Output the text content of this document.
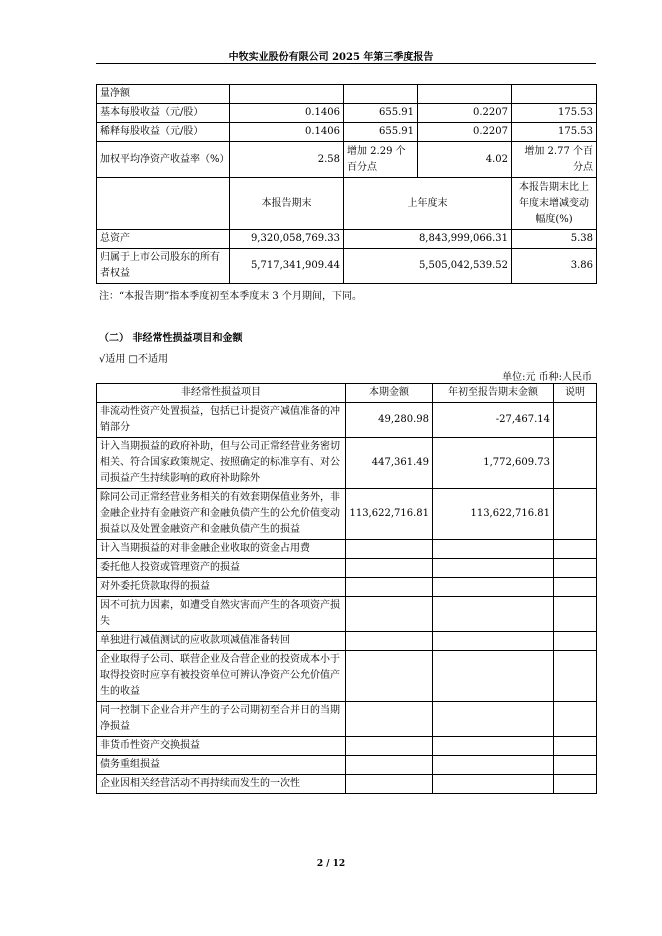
中牧实业股份有限公司 2025 年第三季度报告
量净额				
基本每股收益（元/股）	0.1406	655.91	0.2207	175.53
稀释每股收益（元/股）	0.1406	655.91	0.2207	175.53
加权平均净资产收益率（%）	2.58	增加 2.29 个百分点	4.02	增加 2.77 个百分点
	本报告期末	上年度末		本报告期末比上年度末增减变动幅度(%)
总资产	9,320,058,769.33	8,843,999,066.31		5.38
归属于上市公司股东的所有者权益	5,717,341,909.44	5,505,042,539.52		3.86
注：“本报告期”指本季度初至本季度末 3 个月期间，下同。
（二） 非经常性损益项目和金额
√适用 □不适用
单位:元 币种:人民币
非经常性损益项目	本期金额	年初至报告期末金额	说明
非流动性资产处置损益，包括已计提资产减值准备的冲销部分	49,280.98	-27,467.14	
计入当期损益的政府补助，但与公司正常经营业务密切相关、符合国家政策规定、按照确定的标准享有、对公司损益产生持续影响的政府补助除外	447,361.49	1,772,609.73	
除同公司正常经营业务相关的有效套期保值业务外，非金融企业持有金融资产和金融负债产生的公允价值变动损益以及处置金融资产和金融负债产生的损益	113,622,716.81	113,622,716.81	
计入当期损益的对非金融企业收取的资金占用费			
委托他人投资或管理资产的损益			
对外委托贷款取得的损益			
因不可抗力因素，如遭受自然灾害而产生的各项资产损失			
单独进行减值测试的应收款项减值准备转回			
企业取得子公司、联营企业及合营企业的投资成本小于取得投资时应享有被投资单位可辨认净资产公允价值产生的收益			
同一控制下企业合并产生的子公司期初至合并日的当期净损益			
非货币性资产交换损益			
债务重组损益			
企业因相关经营活动不再持续而发生的一次性			
2 / 12
